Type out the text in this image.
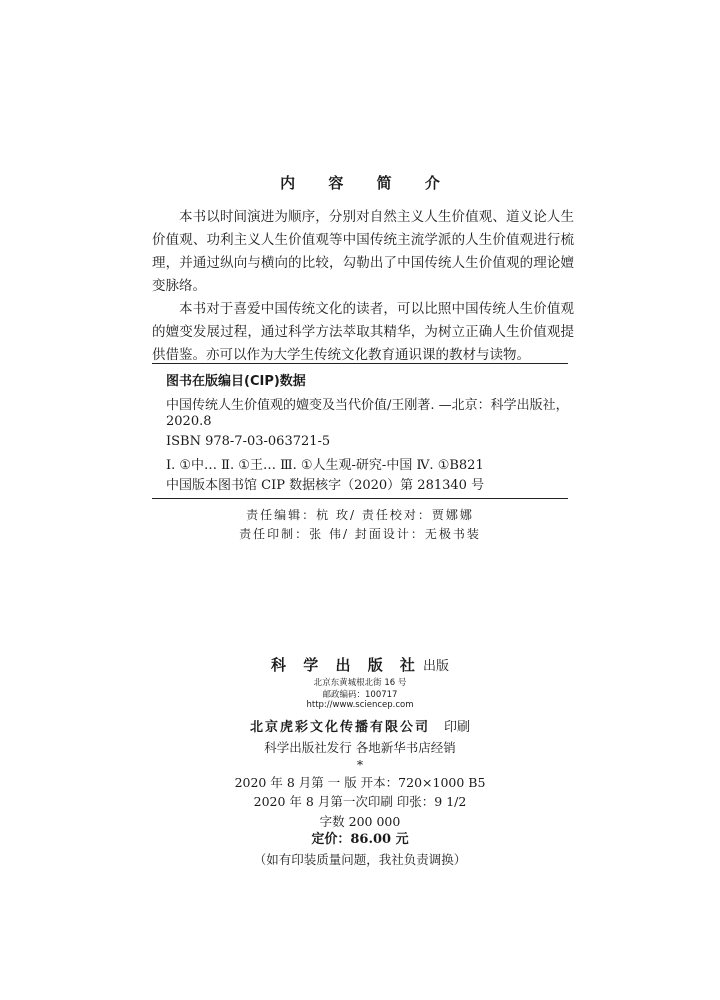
内 容 简 介

本书以时间演进为顺序，分别对自然主义人生价值观、道义论人生价值观、功利主义人生价值观等中国传统主流学派的人生价值观进行梳理，并通过纵向与横向的比较，勾勒出了中国传统人生价值观的理论嬗变脉络。

本书对于喜爱中国传统文化的读者，可以比照中国传统人生价值观的嬗变发展过程，通过科学方法萃取其精华，为树立正确人生价值观提供借鉴。亦可以作为大学生传统文化教育通识课的教材与读物。

图书在版编目(CIP)数据
中国传统人生价值观的嬗变及当代价值/王刚著. —北京：科学出版社，
2020.8
ISBN 978-7-03-063721-5
Ⅰ. ①中… Ⅱ. ①王… Ⅲ. ①人生观-研究-中国 Ⅳ. ①B821
中国版本图书馆 CIP 数据核字（2020）第 281340 号
责任编辑：杭 玫/ 责任校对：贾娜娜
责任印制：张 伟/ 封面设计：无极书装
科 学 出 版 社 出版
北京东黄城根北街 16 号
邮政编码：100717
http://www.sciencep.com
北京虎彩文化传播有限公司 印刷
科学出版社发行 各地新华书店经销
*
2020 年 8 月第 一 版 开本：720×1000 B5
2020 年 8 月第一次印刷 印张：9 1/2
字数 200 000
定价：86.00 元
（如有印装质量问题，我社负责调换）
